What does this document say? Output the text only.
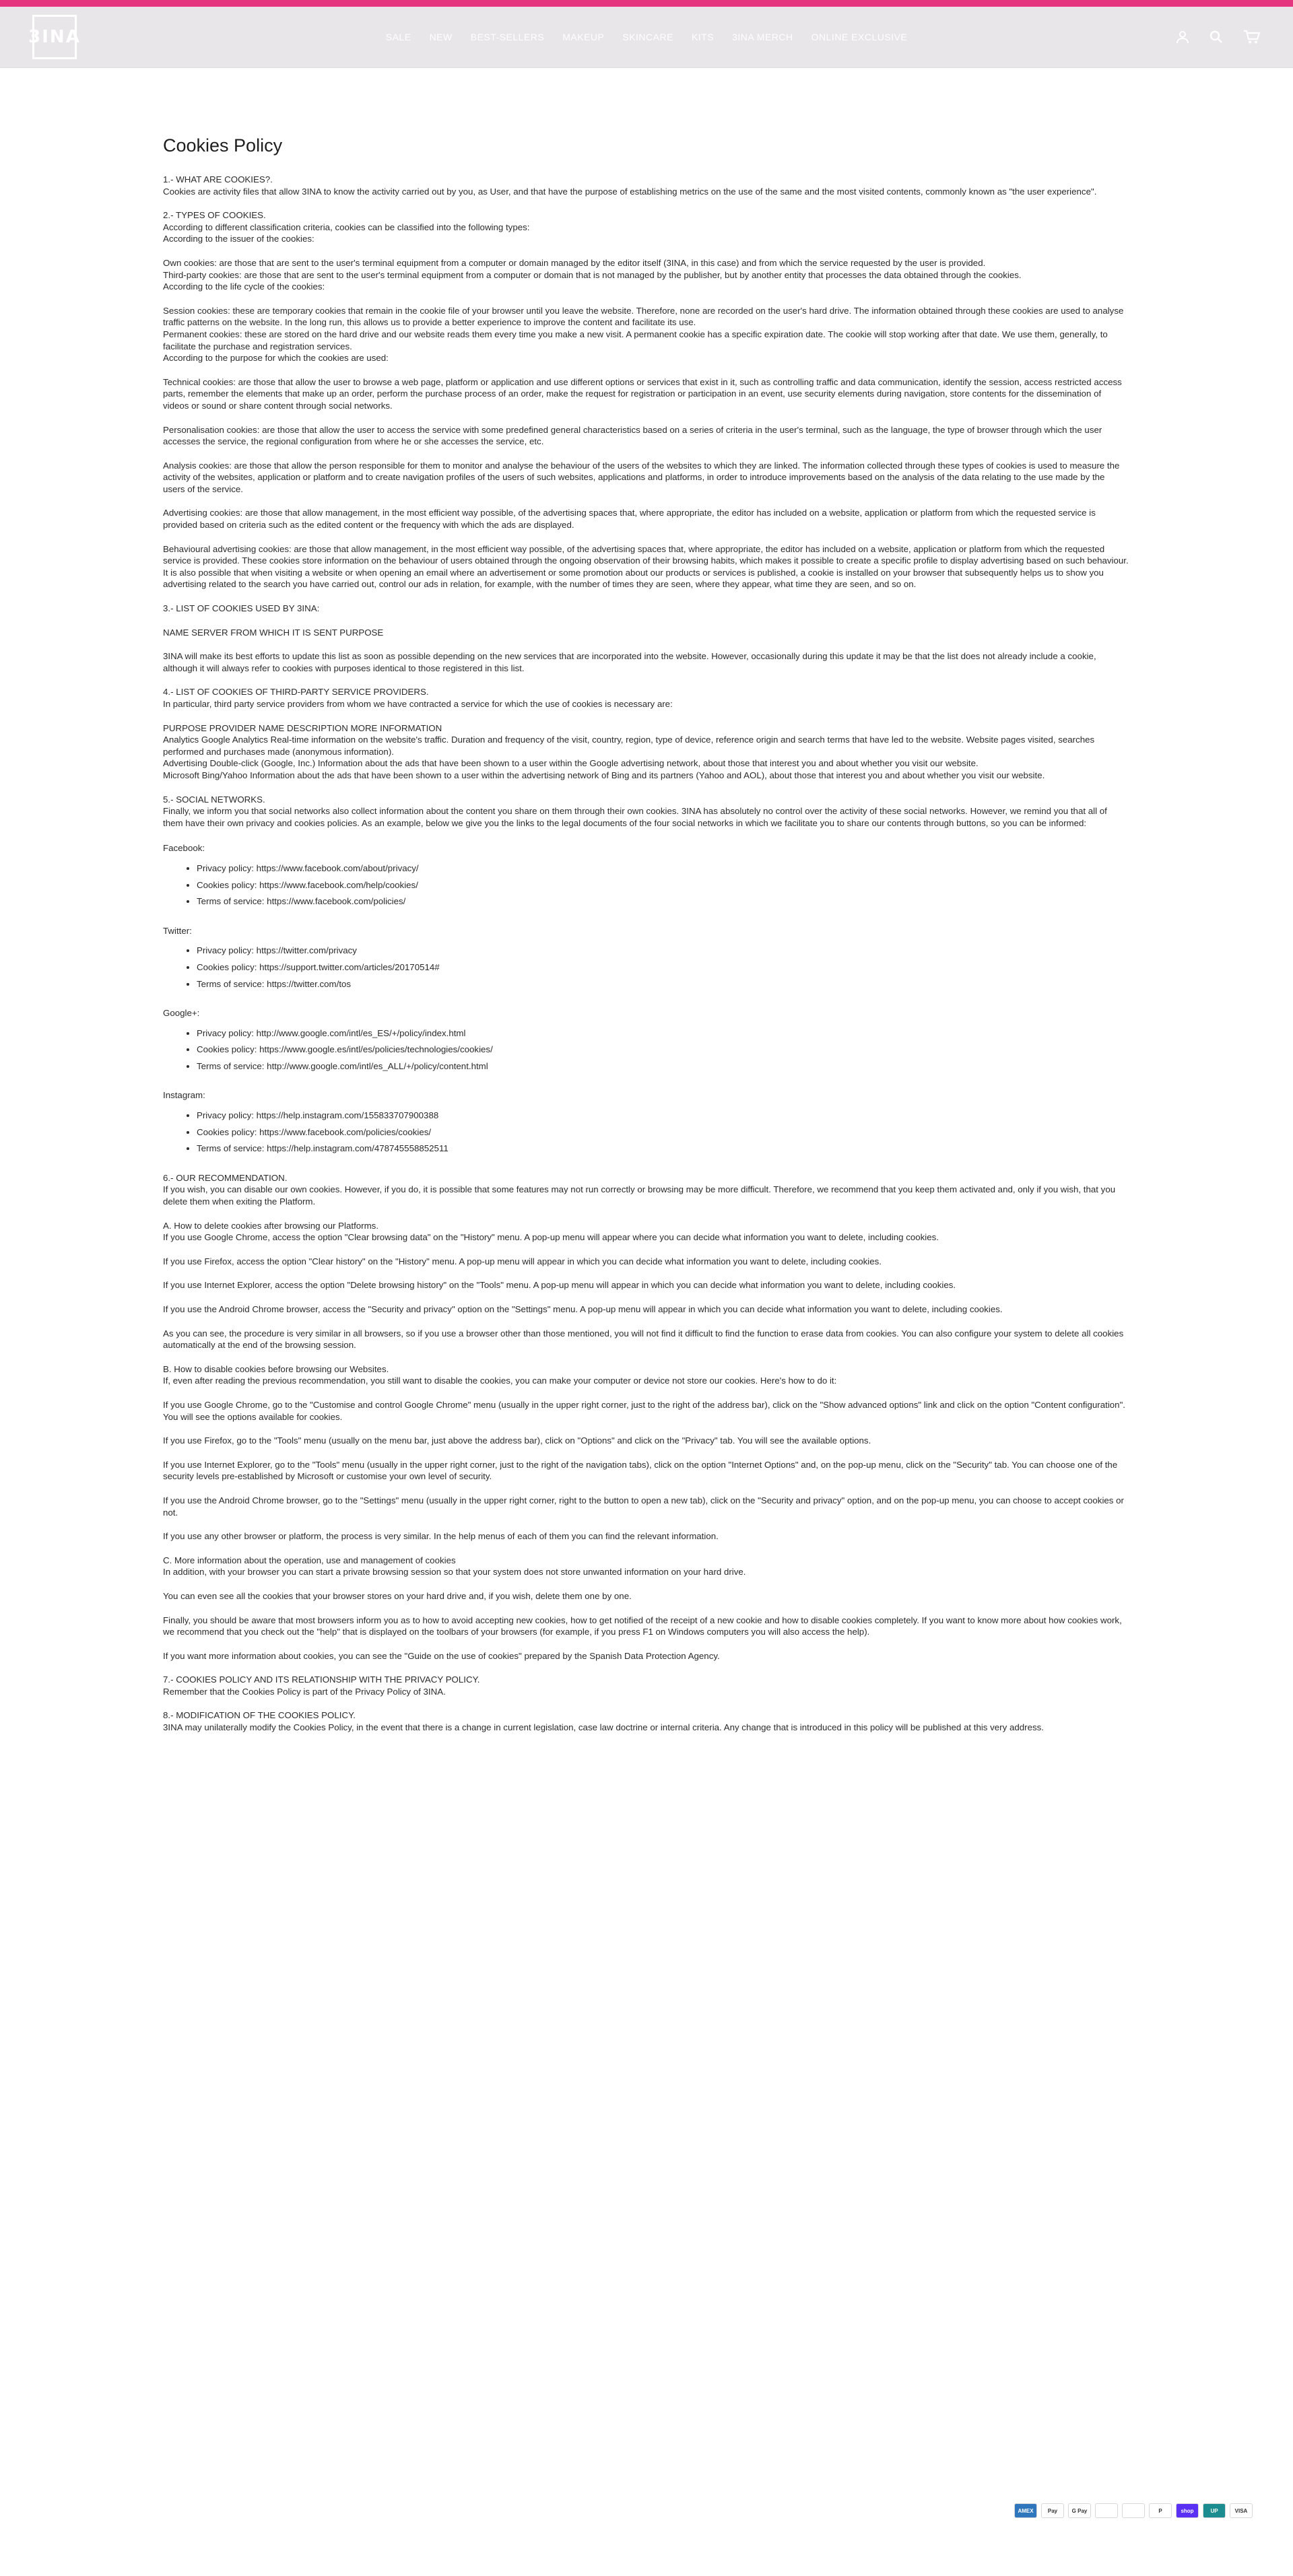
3INA	SALE NEW BEST-SELLERS MAKEUP SKINCARE KITS 3INA MERCH ONLINE EXCLUSIVE
Cookies Policy
1.- WHAT ARE COOKIES?.
Cookies are activity files that allow 3INA to know the activity carried out by you, as User, and that have the purpose of establishing metrics on the use of the same and the most visited contents, commonly known as "the user experience".
2.- TYPES OF COOKIES.
According to different classification criteria, cookies can be classified into the following types:
According to the issuer of the cookies:
Own cookies: are those that are sent to the user's terminal equipment from a computer or domain managed by the editor itself (3INA, in this case) and from which the service requested by the user is provided.
Third-party cookies: are those that are sent to the user's terminal equipment from a computer or domain that is not managed by the publisher, but by another entity that processes the data obtained through the cookies.
According to the life cycle of the cookies:
Session cookies: these are temporary cookies that remain in the cookie file of your browser until you leave the website. Therefore, none are recorded on the user's hard drive. The information obtained through these cookies are used to analyse traffic patterns on the website. In the long run, this allows us to provide a better experience to improve the content and facilitate its use.
Permanent cookies: these are stored on the hard drive and our website reads them every time you make a new visit. A permanent cookie has a specific expiration date. The cookie will stop working after that date. We use them, generally, to facilitate the purchase and registration services.
According to the purpose for which the cookies are used:
Technical cookies: are those that allow the user to browse a web page, platform or application and use different options or services that exist in it, such as controlling traffic and data communication, identify the session, access restricted access parts, remember the elements that make up an order, perform the purchase process of an order, make the request for registration or participation in an event, use security elements during navigation, store contents for the dissemination of videos or sound or share content through social networks.
Personalisation cookies: are those that allow the user to access the service with some predefined general characteristics based on a series of criteria in the user's terminal, such as the language, the type of browser through which the user accesses the service, the regional configuration from where he or she accesses the service, etc.
Analysis cookies: are those that allow the person responsible for them to monitor and analyse the behaviour of the users of the websites to which they are linked. The information collected through these types of cookies is used to measure the activity of the websites, application or platform and to create navigation profiles of the users of such websites, applications and platforms, in order to introduce improvements based on the analysis of the data relating to the use made by the users of the service.
Advertising cookies: are those that allow management, in the most efficient way possible, of the advertising spaces that, where appropriate, the editor has included on a website, application or platform from which the requested service is provided based on criteria such as the edited content or the frequency with which the ads are displayed.
Behavioural advertising cookies: are those that allow management, in the most efficient way possible, of the advertising spaces that, where appropriate, the editor has included on a website, application or platform from which the requested service is provided. These cookies store information on the behaviour of users obtained through the ongoing observation of their browsing habits, which makes it possible to create a specific profile to display advertising based on such behaviour. It is also possible that when visiting a website or when opening an email where an advertisement or some promotion about our products or services is published, a cookie is installed on your browser that subsequently helps us to show you advertising related to the search you have carried out, control our ads in relation, for example, with the number of times they are seen, where they appear, what time they are seen, and so on.
3.- LIST OF COOKIES USED BY 3INA:
NAME SERVER FROM WHICH IT IS SENT PURPOSE
3INA will make its best efforts to update this list as soon as possible depending on the new services that are incorporated into the website. However, occasionally during this update it may be that the list does not already include a cookie, although it will always refer to cookies with purposes identical to those registered in this list.
4.- LIST OF COOKIES OF THIRD-PARTY SERVICE PROVIDERS.
In particular, third party service providers from whom we have contracted a service for which the use of cookies is necessary are:
PURPOSE PROVIDER NAME DESCRIPTION MORE INFORMATION
Analytics Google Analytics Real-time information on the website's traffic. Duration and frequency of the visit, country, region, type of device, reference origin and search terms that have led to the website. Website pages visited, searches performed and purchases made (anonymous information).
Advertising Double-click (Google, Inc.) Information about the ads that have been shown to a user within the Google advertising network, about those that interest you and about whether you visit our website.
Microsoft Bing/Yahoo Information about the ads that have been shown to a user within the advertising network of Bing and its partners (Yahoo and AOL), about those that interest you and about whether you visit our website.
5.- SOCIAL NETWORKS.
Finally, we inform you that social networks also collect information about the content you share on them through their own cookies. 3INA has absolutely no control over the activity of these social networks. However, we remind you that all of them have their own privacy and cookies policies. As an example, below we give you the links to the legal documents of the four social networks in which we facilitate you to share our contents through buttons, so you can be informed:
Facebook:
• Privacy policy: https://www.facebook.com/about/privacy/
• Cookies policy: https://www.facebook.com/help/cookies/
• Terms of service: https://www.facebook.com/policies/
Twitter:
• Privacy policy: https://twitter.com/privacy
• Cookies policy: https://support.twitter.com/articles/20170514#
• Terms of service: https://twitter.com/tos
Google+:
• Privacy policy: http://www.google.com/intl/es_ES/+/policy/index.html
• Cookies policy: https://www.google.es/intl/es/policies/technologies/cookies/
• Terms of service: http://www.google.com/intl/es_ALL/+/policy/content.html
Instagram:
• Privacy policy: https://help.instagram.com/155833707900388
• Cookies policy: https://www.facebook.com/policies/cookies/
• Terms of service: https://help.instagram.com/478745558852511
6.- OUR RECOMMENDATION.
If you wish, you can disable our own cookies. However, if you do, it is possible that some features may not run correctly or browsing may be more difficult. Therefore, we recommend that you keep them activated and, only if you wish, that you delete them when exiting the Platform.
A. How to delete cookies after browsing our Platforms.
If you use Google Chrome, access the option "Clear browsing data" on the "History" menu. A pop-up menu will appear where you can decide what information you want to delete, including cookies.
If you use Firefox, access the option "Clear history" on the "History" menu. A pop-up menu will appear in which you can decide what information you want to delete, including cookies.
If you use Internet Explorer, access the option "Delete browsing history" on the "Tools" menu. A pop-up menu will appear in which you can decide what information you want to delete, including cookies.
If you use the Android Chrome browser, access the "Security and privacy" option on the "Settings" menu. A pop-up menu will appear in which you can decide what information you want to delete, including cookies.
As you can see, the procedure is very similar in all browsers, so if you use a browser other than those mentioned, you will not find it difficult to find the function to erase data from cookies. You can also configure your system to delete all cookies automatically at the end of the browsing session.
B. How to disable cookies before browsing our Websites.
If, even after reading the previous recommendation, you still want to disable the cookies, you can make your computer or device not store our cookies. Here's how to do it:
If you use Google Chrome, go to the "Customise and control Google Chrome" menu (usually in the upper right corner, just to the right of the address bar), click on the "Show advanced options" link and click on the option "Content configuration". You will see the options available for cookies.
If you use Firefox, go to the "Tools" menu (usually on the menu bar, just above the address bar), click on "Options" and click on the "Privacy" tab. You will see the available options.
If you use Internet Explorer, go to the "Tools" menu (usually in the upper right corner, just to the right of the navigation tabs), click on the option "Internet Options" and, on the pop-up menu, click on the "Security" tab. You can choose one of the security levels pre-established by Microsoft or customise your own level of security.
If you use the Android Chrome browser, go to the "Settings" menu (usually in the upper right corner, right to the button to open a new tab), click on the "Security and privacy" option, and on the pop-up menu, you can choose to accept cookies or not.
If you use any other browser or platform, the process is very similar. In the help menus of each of them you can find the relevant information.
C. More information about the operation, use and management of cookies
In addition, with your browser you can start a private browsing session so that your system does not store unwanted information on your hard drive.
You can even see all the cookies that your browser stores on your hard drive and, if you wish, delete them one by one.
Finally, you should be aware that most browsers inform you as to how to avoid accepting new cookies, how to get notified of the receipt of a new cookie and how to disable cookies completely. If you want to know more about how cookies work, we recommend that you check out the "help" that is displayed on the toolbars of your browsers (for example, if you press F1 on Windows computers you will also access the help).
If you want more information about cookies, you can see the "Guide on the use of cookies" prepared by the Spanish Data Protection Agency.
7.- COOKIES POLICY AND ITS RELATIONSHIP WITH THE PRIVACY POLICY.
Remember that the Cookies Policy is part of the Privacy Policy of 3INA.
8.- MODIFICATION OF THE COOKIES POLICY.
3INA may unilaterally modify the Cookies Policy, in the event that there is a change in current legislation, case law doctrine or internal criteria. Any change that is introduced in this policy will be published at this very address.
AMEX	Pay	G Pay	P	shop	UP	VISA
